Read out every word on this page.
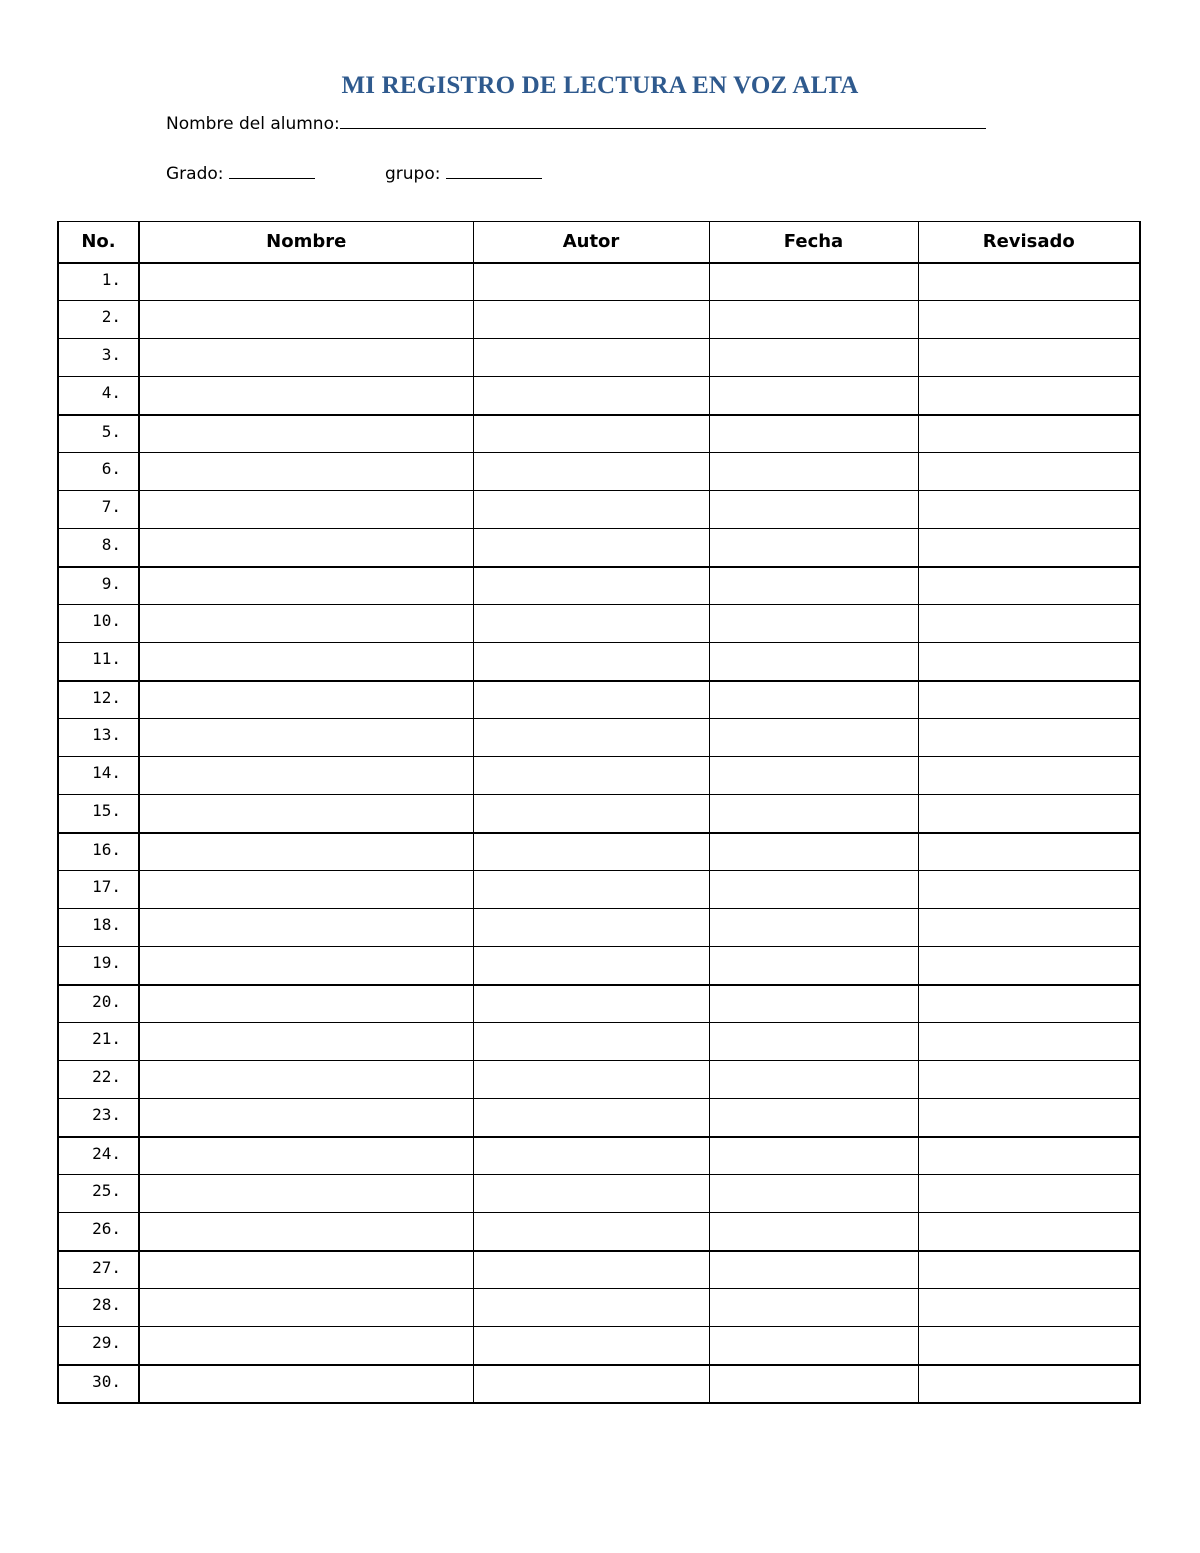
MI REGISTRO DE LECTURA EN VOZ ALTA
Nombre del alumno:
Grado:	grupo:
No.	Nombre	Autor	Fecha	Revisado
1.				
2.				
3.				
4.				
5.				
6.				
7.				
8.				
9.				
10.				
11.				
12.				
13.				
14.				
15.				
16.				
17.				
18.				
19.				
20.				
21.				
22.				
23.				
24.				
25.				
26.				
27.				
28.				
29.				
30.				
